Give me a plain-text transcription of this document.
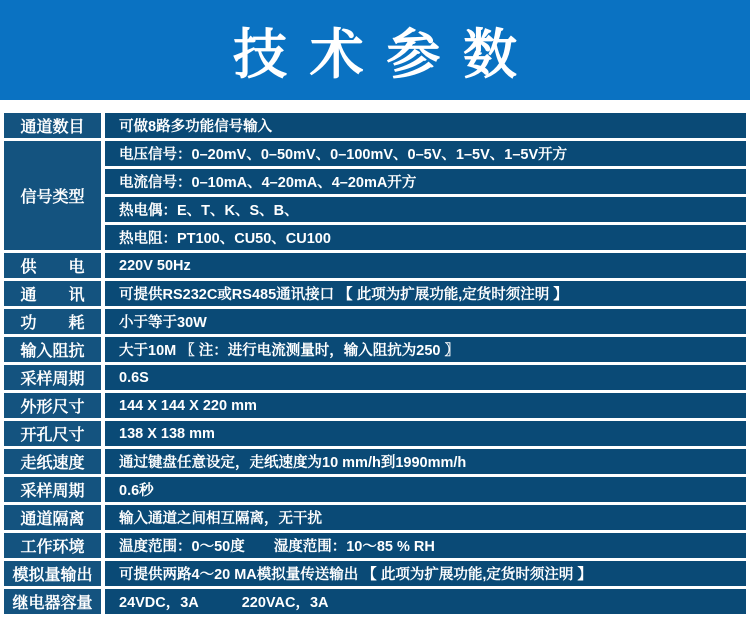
技术参数
通道数目	可做8路多功能信号输入
信号类型	电压信号：0–20mV、0–50mV、0–100mV、0–5V、1–5V、1–5V开方
	电流信号：0–10mA、4–20mA、4–20mA开方
	热电偶：E、T、K、S、B、
	热电阻：PT100、CU50、CU100
供　　电	220V 50Hz
通　　讯	可提供RS232C或RS485通讯接口 【 此项为扩展功能,定货时须注明 】
功　　耗	小于等于30W
输入阻抗	大于10M 〖 注：进行电流测量时，输入阻抗为250 〗
采样周期	0.6S
外形尺寸	144 X 144 X 220 mm
开孔尺寸	138 X 138 mm
走纸速度	通过键盘任意设定，走纸速度为10 mm/h到1990mm/h
采样周期	0.6秒
通道隔离	输入通道之间相互隔离，无干扰
工作环境	温度范围：0～50度　　湿度范围：10～85 % RH
模拟量输出	可提供两路4～20 MA模拟量传送输出 【 此项为扩展功能,定货时须注明 】
继电器容量	24VDC，3A　　　220VAC，3A
